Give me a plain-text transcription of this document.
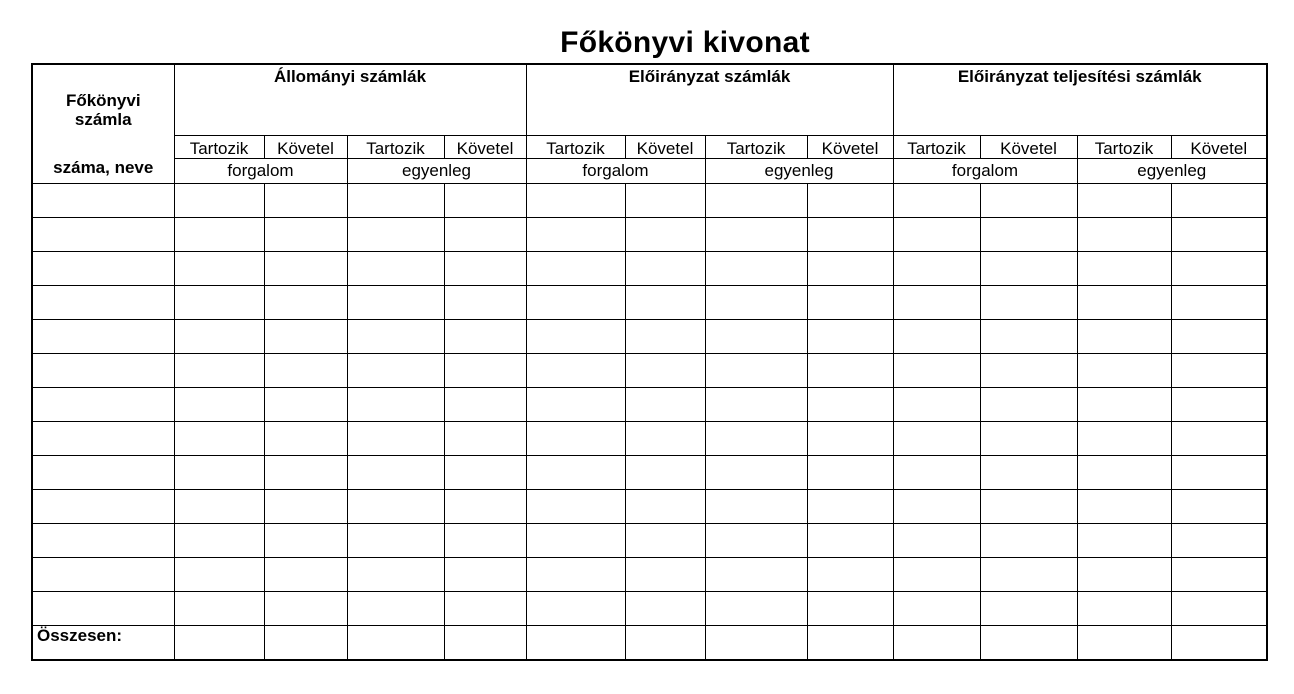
Főkönyvi kivonat
Főkönyvi
számla
száma, neve	Állományi számlák				Előirányzat számlák				Előirányzat teljesítési számlák			
	Tartozik	Követel	Tartozik	Követel	Tartozik	Követel	Tartozik	Követel	Tartozik	Követel	Tartozik	Követel
	forgalom		egyenleg		forgalom		egyenleg		forgalom		egyenleg	

Összesen:												
